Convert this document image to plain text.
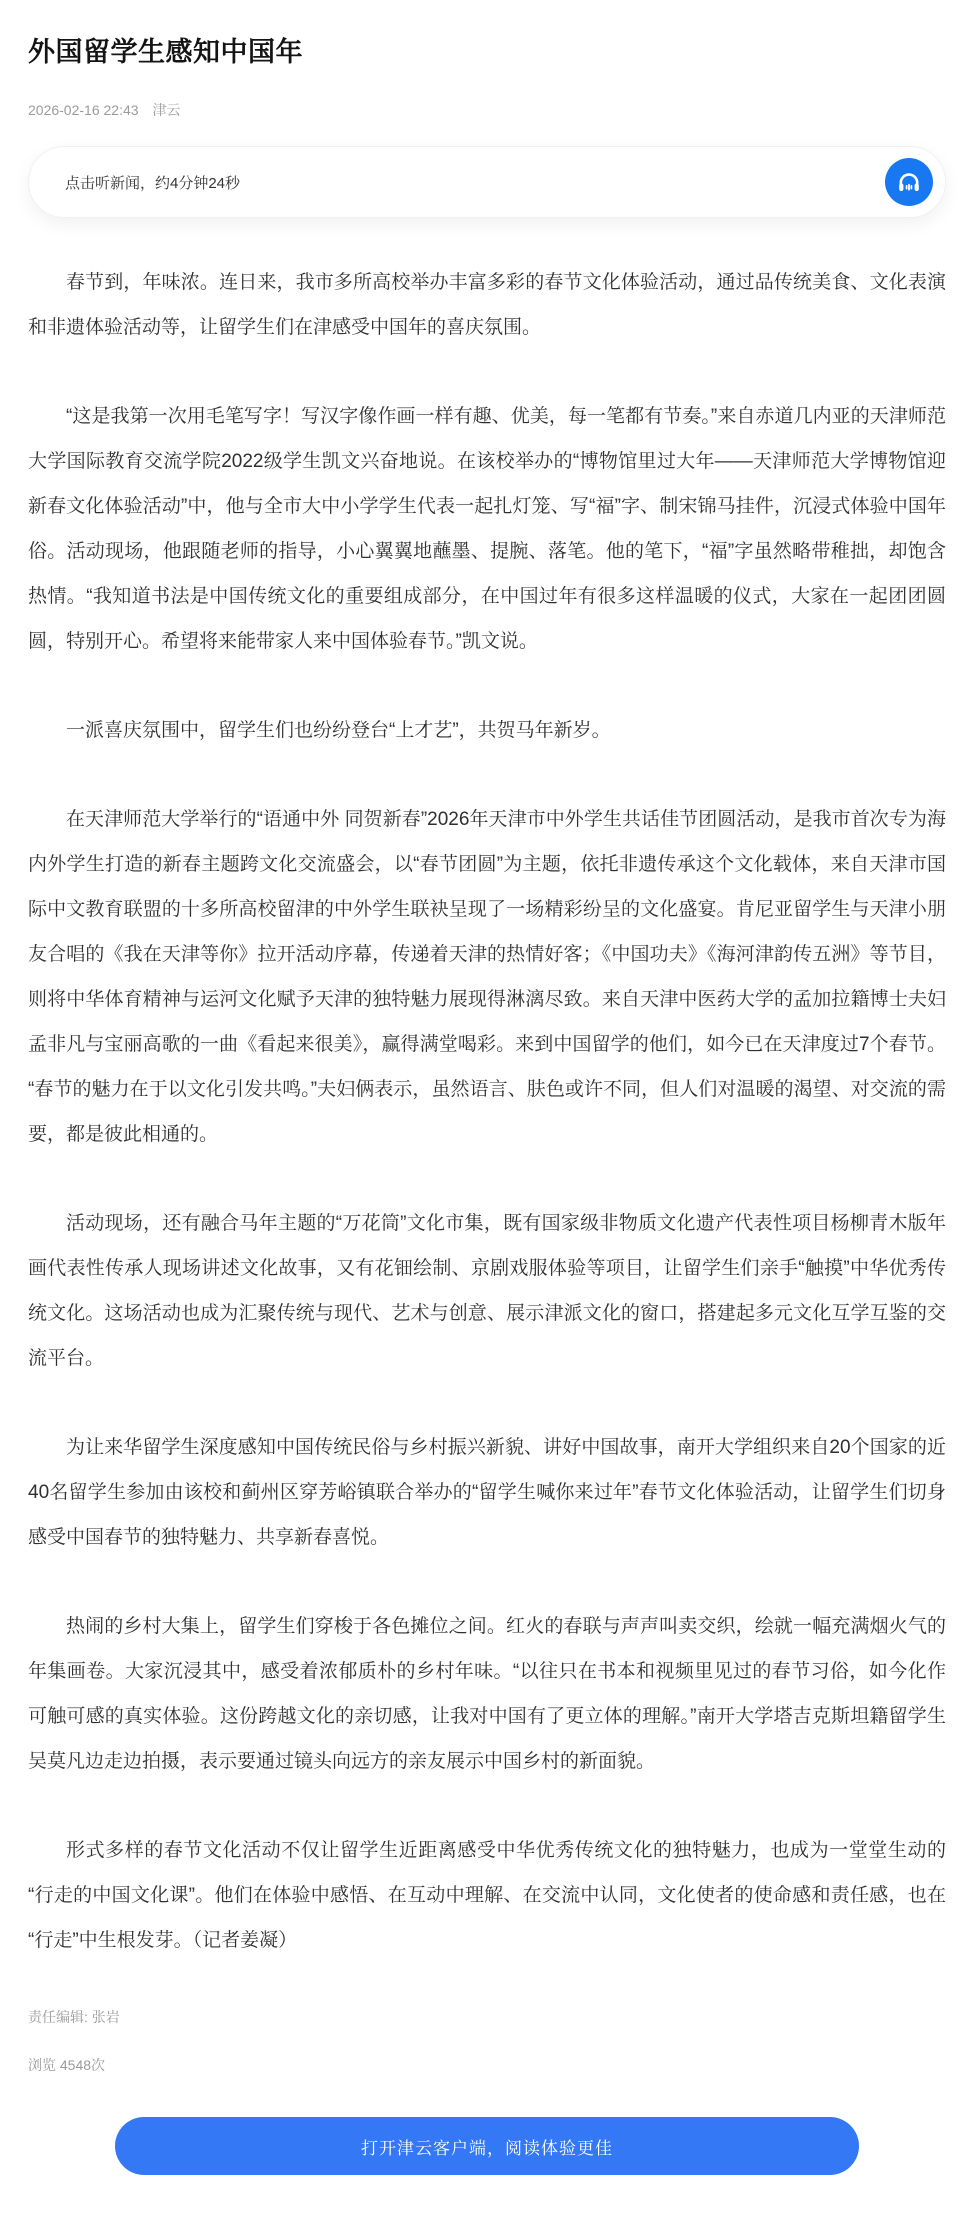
外国留学生感知中国年
2026-02-16 22:43 津云
点击听新闻，约4分钟24秒

春节到，年味浓。连日来，我市多所高校举办丰富多彩的春节文化体验活动，通过品传统美食、文化表演和非遗体验活动等，让留学生们在津感受中国年的喜庆氛围。

“这是我第一次用毛笔写字！写汉字像作画一样有趣、优美，每一笔都有节奏。”来自赤道几内亚的天津师范大学国际教育交流学院2022级学生凯文兴奋地说。在该校举办的“博物馆里过大年——天津师范大学博物馆迎新春文化体验活动”中，他与全市大中小学学生代表一起扎灯笼、写“福”字、制宋锦马挂件，沉浸式体验中国年俗。活动现场，他跟随老师的指导，小心翼翼地蘸墨、提腕、落笔。他的笔下，“福”字虽然略带稚拙，却饱含热情。“我知道书法是中国传统文化的重要组成部分，在中国过年有很多这样温暖的仪式，大家在一起团团圆圆，特别开心。希望将来能带家人来中国体验春节。”凯文说。

一派喜庆氛围中，留学生们也纷纷登台“上才艺”，共贺马年新岁。

在天津师范大学举行的“语通中外 同贺新春”2026年天津市中外学生共话佳节团圆活动，是我市首次专为海内外学生打造的新春主题跨文化交流盛会，以“春节团圆”为主题，依托非遗传承这个文化载体，来自天津市国际中文教育联盟的十多所高校留津的中外学生联袂呈现了一场精彩纷呈的文化盛宴。肯尼亚留学生与天津小朋友合唱的《我在天津等你》拉开活动序幕，传递着天津的热情好客；《中国功夫》《海河津韵传五洲》等节目，则将中华体育精神与运河文化赋予天津的独特魅力展现得淋漓尽致。来自天津中医药大学的孟加拉籍博士夫妇孟非凡与宝丽高歌的一曲《看起来很美》，赢得满堂喝彩。来到中国留学的他们，如今已在天津度过7个春节。“春节的魅力在于以文化引发共鸣。”夫妇俩表示，虽然语言、肤色或许不同，但人们对温暖的渴望、对交流的需要，都是彼此相通的。

活动现场，还有融合马年主题的“万花筒”文化市集，既有国家级非物质文化遗产代表性项目杨柳青木版年画代表性传承人现场讲述文化故事，又有花钿绘制、京剧戏服体验等项目，让留学生们亲手“触摸”中华优秀传统文化。这场活动也成为汇聚传统与现代、艺术与创意、展示津派文化的窗口，搭建起多元文化互学互鉴的交流平台。

为让来华留学生深度感知中国传统民俗与乡村振兴新貌、讲好中国故事，南开大学组织来自20个国家的近40名留学生参加由该校和蓟州区穿芳峪镇联合举办的“留学生喊你来过年”春节文化体验活动，让留学生们切身感受中国春节的独特魅力、共享新春喜悦。

热闹的乡村大集上，留学生们穿梭于各色摊位之间。红火的春联与声声叫卖交织，绘就一幅充满烟火气的年集画卷。大家沉浸其中，感受着浓郁质朴的乡村年味。“以往只在书本和视频里见过的春节习俗，如今化作可触可感的真实体验。这份跨越文化的亲切感，让我对中国有了更立体的理解。”南开大学塔吉克斯坦籍留学生吴莫凡边走边拍摄，表示要通过镜头向远方的亲友展示中国乡村的新面貌。

形式多样的春节文化活动不仅让留学生近距离感受中华优秀传统文化的独特魅力，也成为一堂堂生动的“行走的中国文化课”。他们在体验中感悟、在互动中理解、在交流中认同，文化使者的使命感和责任感，也在“行走”中生根发芽。（记者姜凝）

责任编辑: 张岩
浏览 4548次
打开津云客户端，阅读体验更佳
